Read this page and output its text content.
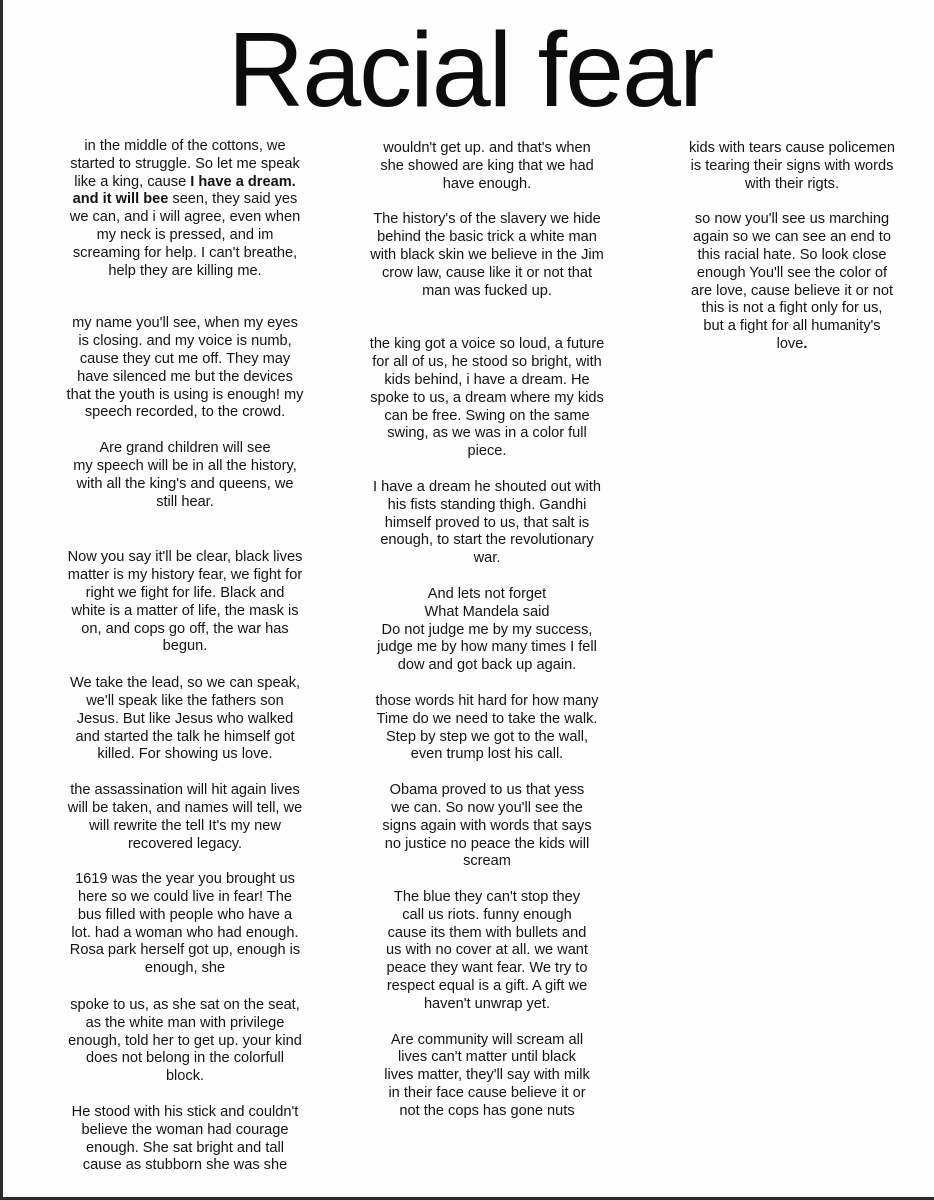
Racial fear

in the middle of the cottons, we
started to struggle. So let me speak
like a king, cause I have a dream.
and it will bee seen, they said yes
we can, and i will agree, even when
my neck is pressed, and im
screaming for help. I can't breathe,
help they are killing me.

my name you'll see, when my eyes
is closing. and my voice is numb,
cause they cut me off. They may
have silenced me but the devices
that the youth is using is enough! my
speech recorded, to the crowd.

Are grand children will see
my speech will be in all the history,
with all the king's and queens, we
still hear.

Now you say it'll be clear, black lives
matter is my history fear, we fight for
right we fight for life. Black and
white is a matter of life, the mask is
on, and cops go off, the war has
begun.

We take the lead, so we can speak,
we'll speak like the fathers son
Jesus. But like Jesus who walked
and started the talk he himself got
killed. For showing us love.

the assassination will hit again lives
will be taken, and names will tell, we
will rewrite the tell It's my new
recovered legacy.

1619 was the year you brought us
here so we could live in fear! The
bus filled with people who have a
lot. had a woman who had enough.
Rosa park herself got up, enough is
enough, she

spoke to us, as she sat on the seat,
as the white man with privilege
enough, told her to get up. your kind
does not belong in the colorfull
block.

He stood with his stick and couldn't
believe the woman had courage
enough. She sat bright and tall
cause as stubborn she was she

wouldn't get up. and that's when
she showed are king that we had
have enough.

The history's of the slavery we hide
behind the basic trick a white man
with black skin we believe in the Jim
crow law, cause like it or not that
man was fucked up.

the king got a voice so loud, a future
for all of us, he stood so bright, with
kids behind, i have a dream. He
spoke to us, a dream where my kids
can be free. Swing on the same
swing, as we was in a color full
piece.

I have a dream he shouted out with
his fists standing thigh. Gandhi
himself proved to us, that salt is
enough, to start the revolutionary
war.

And lets not forget
What Mandela said
Do not judge me by my success,
judge me by how many times I fell
dow and got back up again.

those words hit hard for how many
Time do we need to take the walk.
Step by step we got to the wall,
even trump lost his call.

Obama proved to us that yess
we can. So now you'll see the
signs again with words that says
no justice no peace the kids will
scream

The blue they can't stop they
call us riots. funny enough
cause its them with bullets and
us with no cover at all. we want
peace they want fear. We try to
respect equal is a gift. A gift we
haven't unwrap yet.

Are community will scream all
lives can't matter until black
lives matter, they'll say with milk
in their face cause believe it or
not the cops has gone nuts

kids with tears cause policemen
is tearing their signs with words
with their rigts.

so now you'll see us marching
again so we can see an end to
this racial hate. So look close
enough You'll see the color of
are love, cause believe it or not
this is not a fight only for us,
but a fight for all humanity's
love.
